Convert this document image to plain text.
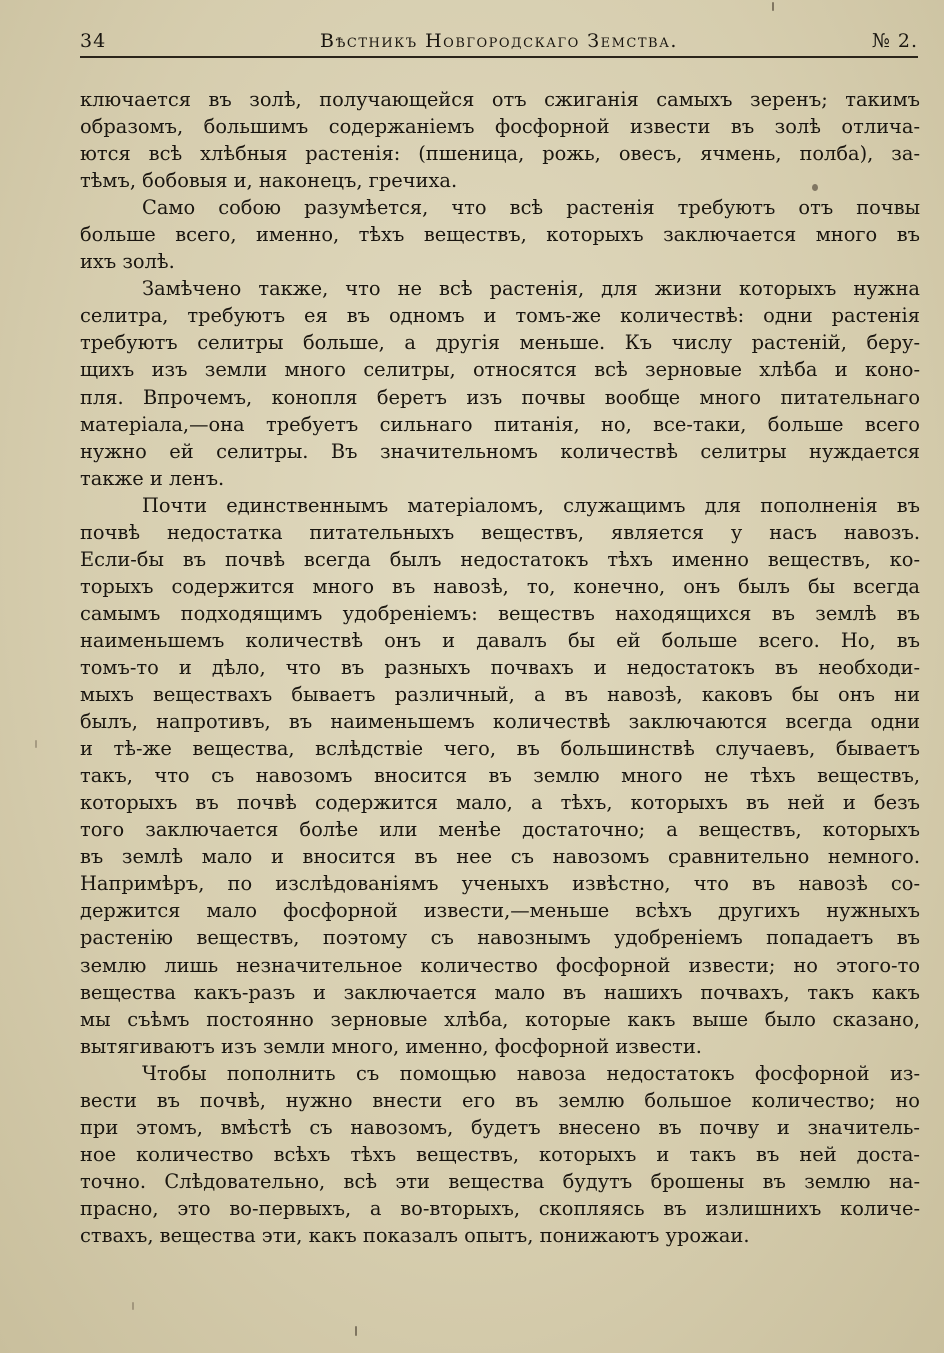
34	Вѣстникъ Новгородскаго Земства.	№ 2.
ключается въ золѣ, получающейся отъ сжиганія самыхъ зеренъ; такимъ
образомъ, большимъ содержаніемъ фосфорной извести въ золѣ отлича-
ются всѣ хлѣбныя растенія: (пшеница, рожь, овесъ, ячмень, полба), за-
тѣмъ, бобовыя и, наконецъ, гречиха.
Само собою разумѣется, что всѣ растенія требуютъ отъ почвы
больше всего, именно, тѣхъ веществъ, которыхъ заключается много въ
ихъ золѣ.
Замѣчено также, что не всѣ растенія, для жизни которыхъ нужна
селитра, требуютъ ея въ одномъ и томъ-же количествѣ: одни растенія
требуютъ селитры больше, а другія меньше. Къ числу растеній, беру-
щихъ изъ земли много селитры, относятся всѣ зерновые хлѣба и коно-
пля. Впрочемъ, конопля беретъ изъ почвы вообще много питательнаго
матеріала,—она требуетъ сильнаго питанія, но, все-таки, больше всего
нужно ей селитры. Въ значительномъ количествѣ селитры нуждается
также и ленъ.
Почти единственнымъ матеріаломъ, служащимъ для пополненія въ
почвѣ недостатка питательныхъ веществъ, является у насъ навозъ.
Если-бы въ почвѣ всегда былъ недостатокъ тѣхъ именно веществъ, ко-
торыхъ содержится много въ навозѣ, то, конечно, онъ былъ бы всегда
самымъ подходящимъ удобреніемъ: веществъ находящихся въ землѣ въ
наименьшемъ количествѣ онъ и давалъ бы ей больше всего. Но, въ
томъ-то и дѣло, что въ разныхъ почвахъ и недостатокъ въ необходи-
мыхъ веществахъ бываетъ различный, а въ навозѣ, каковъ бы онъ ни
былъ, напротивъ, въ наименьшемъ количествѣ заключаются всегда одни
и тѣ-же вещества, вслѣдствіе чего, въ большинствѣ случаевъ, бываетъ
такъ, что съ навозомъ вносится въ землю много не тѣхъ веществъ,
которыхъ въ почвѣ содержится мало, а тѣхъ, которыхъ въ ней и безъ
того заключается болѣе или менѣе достаточно; а веществъ, которыхъ
въ землѣ мало и вносится въ нее съ навозомъ сравнительно немного.
Напримѣръ, по изслѣдованіямъ ученыхъ извѣстно, что въ навозѣ со-
держится мало фосфорной извести,—меньше всѣхъ другихъ нужныхъ
растенію веществъ, поэтому съ навознымъ удобреніемъ попадаетъ въ
землю лишь незначительное количество фосфорной извести; но этого-то
вещества какъ-разъ и заключается мало въ нашихъ почвахъ, такъ какъ
мы съѣмъ постоянно зерновые хлѣба, которые какъ выше было сказано,
вытягиваютъ изъ земли много, именно, фосфорной извести.
Чтобы пополнить съ помощью навоза недостатокъ фосфорной из-
вести въ почвѣ, нужно внести его въ землю большое количество; но
при этомъ, вмѣстѣ съ навозомъ, будетъ внесено въ почву и значитель-
ное количество всѣхъ тѣхъ веществъ, которыхъ и такъ въ ней доста-
точно. Слѣдовательно, всѣ эти вещества будутъ брошены въ землю на-
прасно, это во-первыхъ, а во-вторыхъ, скопляясь въ излишнихъ количе-
ствахъ, вещества эти, какъ показалъ опытъ, понижаютъ урожаи.
